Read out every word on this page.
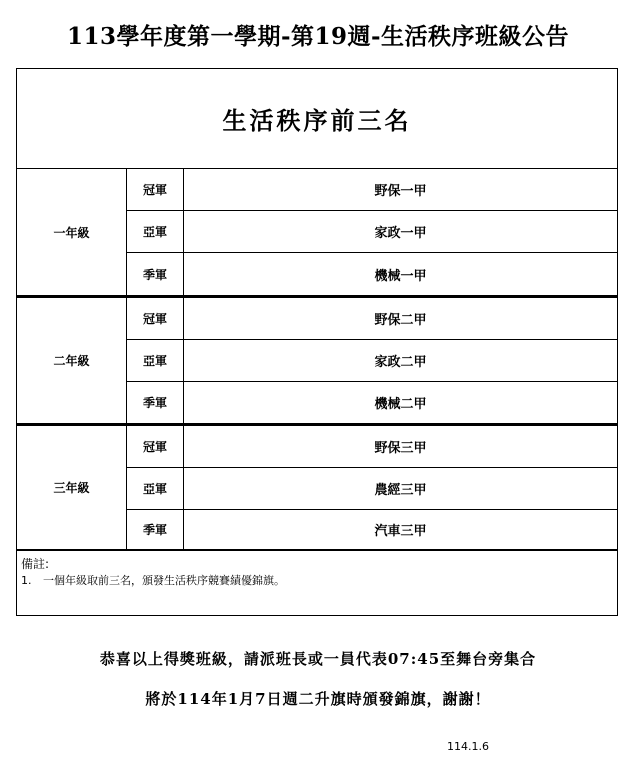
113學年度第一學期-第19週-生活秩序班級公告
生活秩序前三名
一年級
冠軍	野保一甲
亞軍	家政一甲
季軍	機械一甲
二年級
冠軍	野保二甲
亞軍	家政二甲
季軍	機械二甲
三年級
冠軍	野保三甲
亞軍	農經三甲
季軍	汽車三甲
備註:
1. 一個年級取前三名，頒發生活秩序競賽績優錦旗。
恭喜以上得獎班級，請派班長或一員代表07:45至舞台旁集合
將於114年1月7日週二升旗時頒發錦旗，謝謝！
114.1.6
